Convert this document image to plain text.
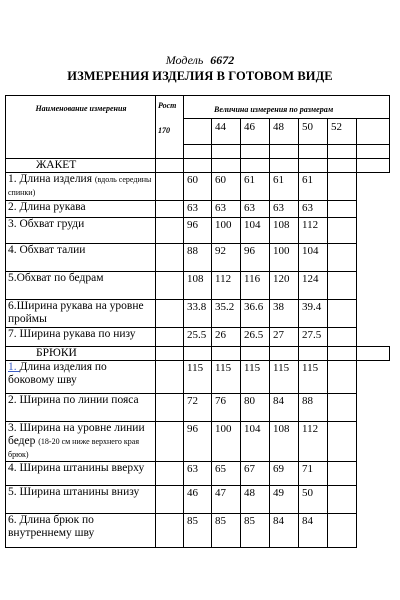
Модель 6672
ИЗМЕРЕНИЯ ИЗДЕЛИЯ В ГОТОВОМ ВИДЕ
Наименование измерения	Рост
170	Величина измерения по размерам						
			44	46	48	50	52	

ЖАКЕТ								
1. Длина изделия (вдоль середины спинки)		60	60	61	61	61		
2. Длина рукава		63	63	63	63	63		
3. Обхват груди		96	100	104	108	112		
4. Обхват талии		88	92	96	100	104		
5.Обхват по бедрам		108	112	116	120	124		
6.Ширина рукава на уровне проймы		33.8	35.2	36.6	38	39.4		
7. Ширина рукава по низу		25.5	26	26.5	27	27.5		
БРЮКИ								
1. Длина изделия по боковому шву		115	115	115	115	115		
2. Ширина по линии пояса		72	76	80	84	88		
3. Ширина на уровне линии бедер (18-20 см ниже верхнего края брюк)		96	100	104	108	112		
4. Ширина штанины вверху		63	65	67	69	71		
5. Ширина штанины внизу		46	47	48	49	50		
6. Длина брюк по внутреннему шву		85	85	85	84	84		
